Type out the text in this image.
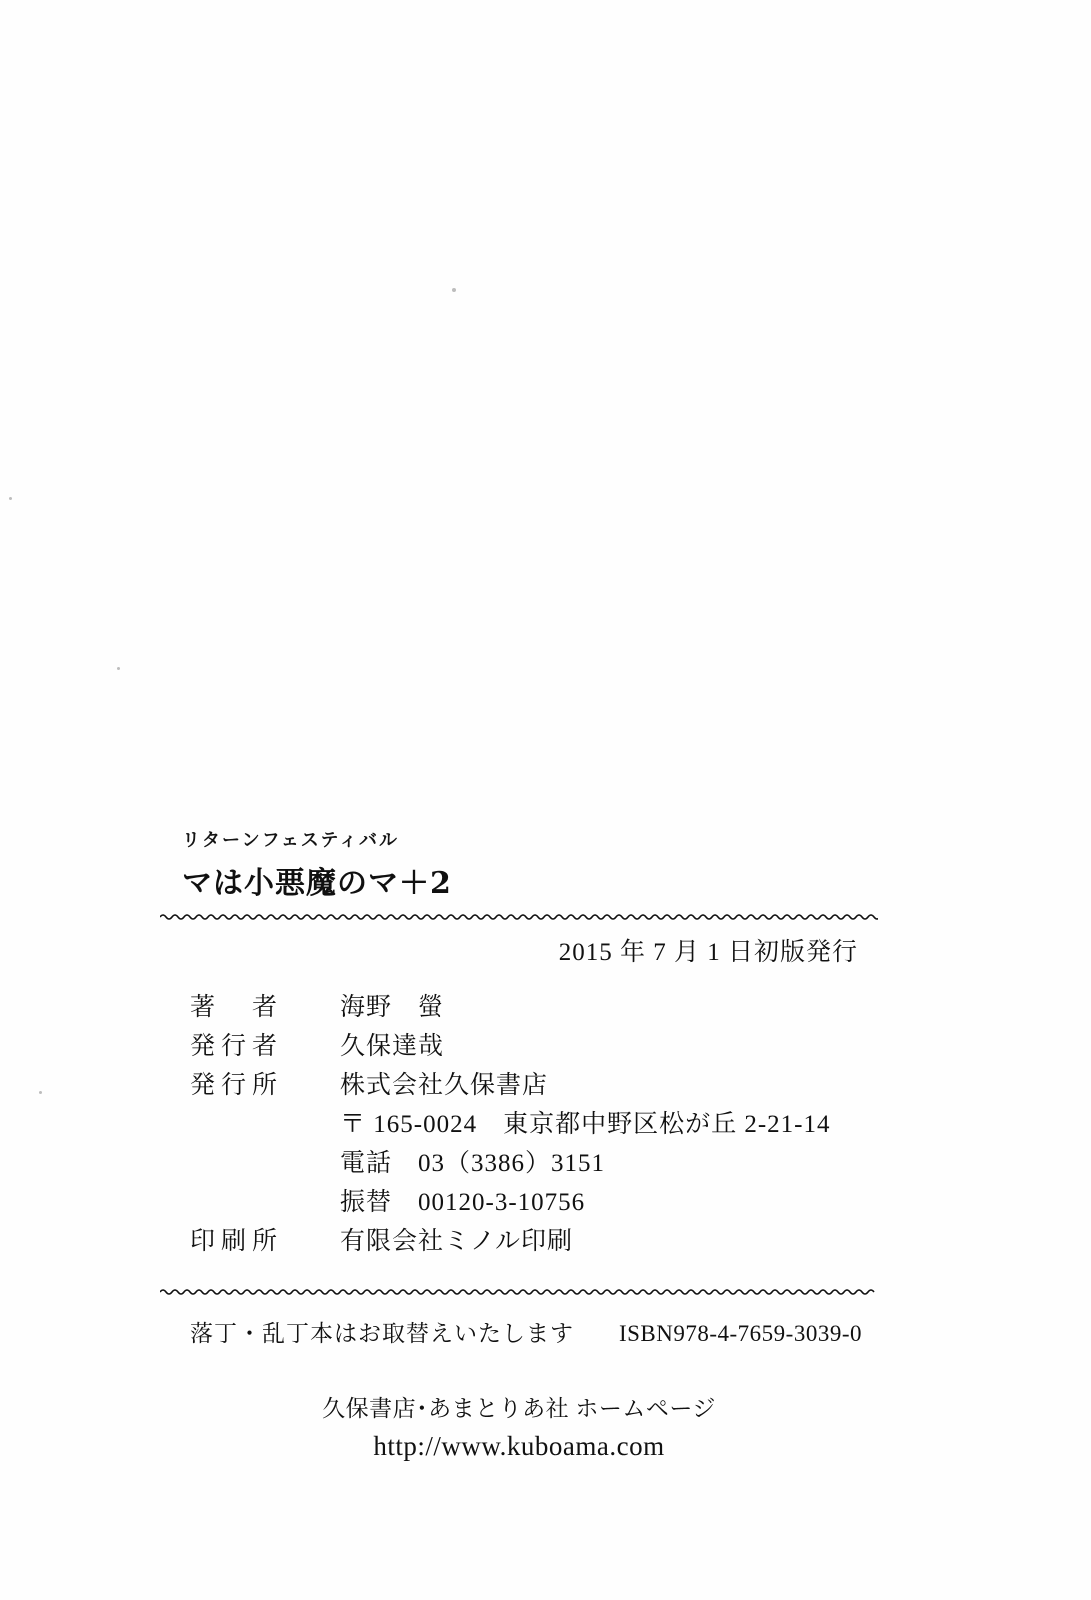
リターンフェスティバル
マは小悪魔のマ＋2
2015 年 7 月 1 日初版発行
著　者	海野　螢
発行者	久保達哉
発行所	株式会社久保書店
	〒 165-0024　東京都中野区松が丘 2-21-14
	電話　03（3386）3151
	振替　00120-3-10756
印刷所	有限会社ミノル印刷
落丁・乱丁本はお取替えいたします ISBN978-4-7659-3039-0
久保書店･あまとりあ社 ホームページ
http://www.kuboama.com
